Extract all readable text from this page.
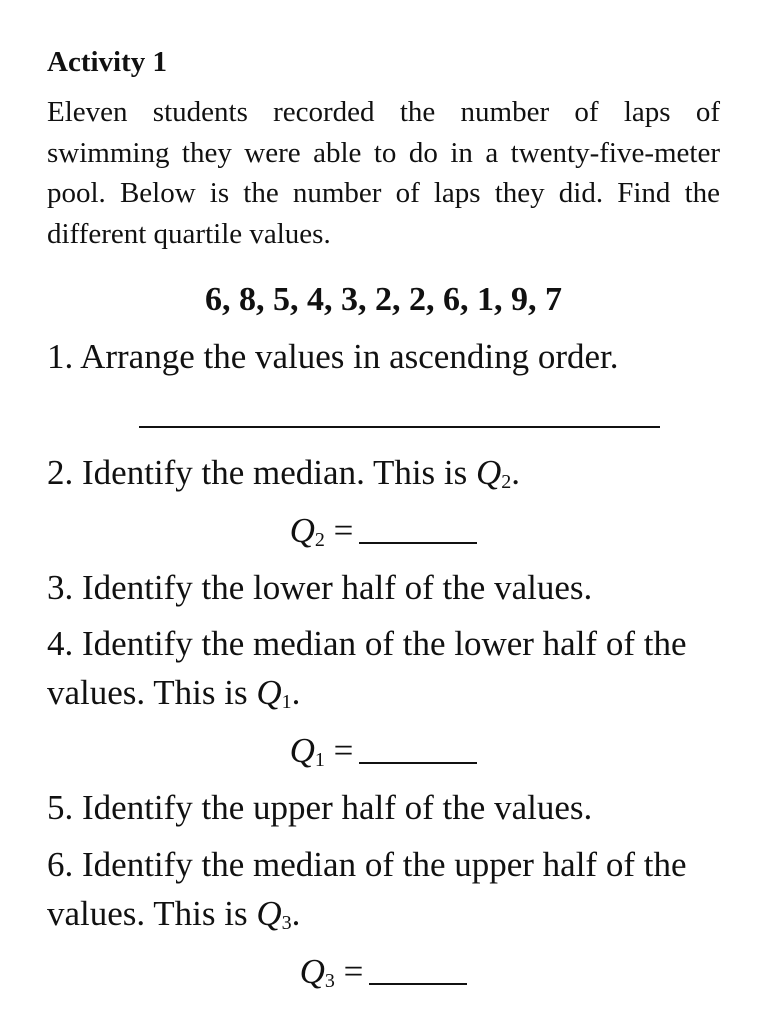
Activity 1
Eleven students recorded the number of laps of swimming they were able to do in a twenty-five-meter pool. Below is the number of laps they did. Find the different quartile values.
6, 8, 5, 4, 3, 2, 2, 6, 1, 9, 7
1. Arrange the values in ascending order.
2. Identify the median. This is $Q_2$.
$Q_2$ =
3. Identify the lower half of the values.
4. Identify the median of the lower half of the values. This is $Q_1$.
$Q_1$ =
5. Identify the upper half of the values.
6. Identify the median of the upper half of the values. This is $Q_3$.
$Q_3$ =
